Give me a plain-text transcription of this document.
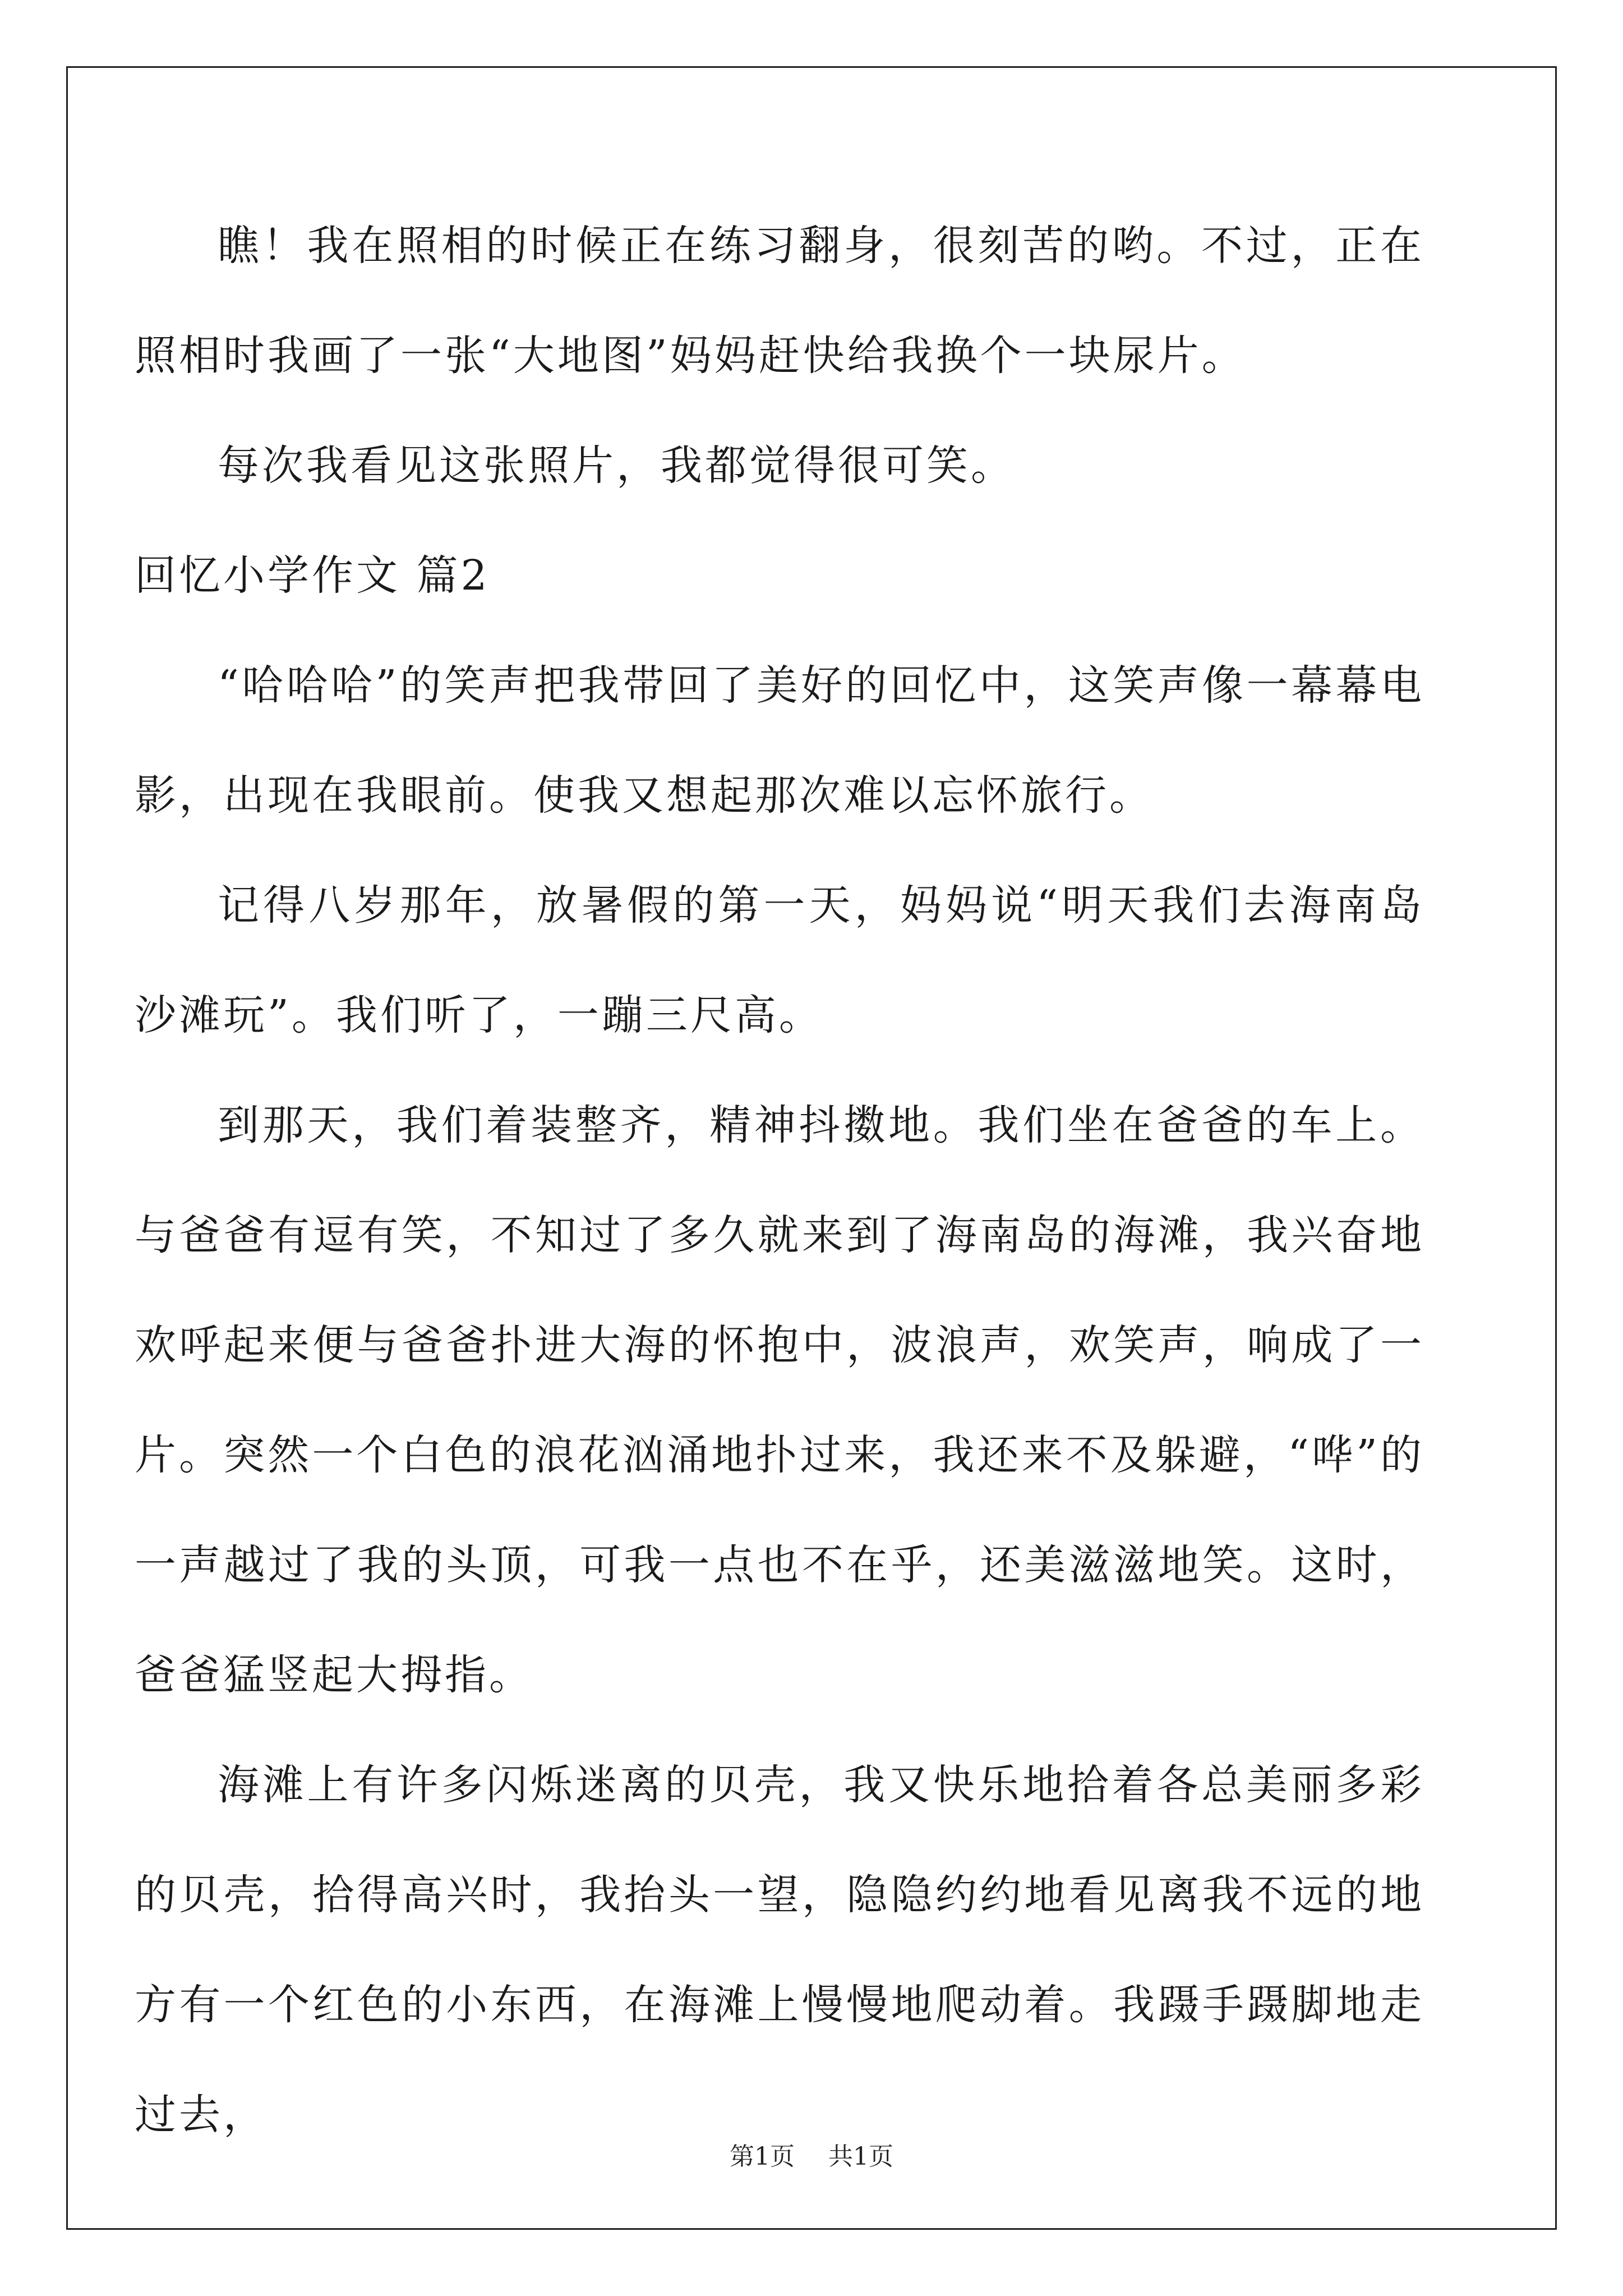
瞧！我在照相的时候正在练习翻身，很刻苦的哟。不过，正在照相时我画了一张“大地图”妈妈赶快给我换个一块尿片。

每次我看见这张照片，我都觉得很可笑。

回忆小学作文 篇2

“哈哈哈”的笑声把我带回了美好的回忆中，这笑声像一幕幕电影，出现在我眼前。使我又想起那次难以忘怀旅行。

记得八岁那年，放暑假的第一天，妈妈说“明天我们去海南岛沙滩玩”。我们听了，一蹦三尺高。

到那天，我们着装整齐，精神抖擞地。我们坐在爸爸的车上。与爸爸有逗有笑，不知过了多久就来到了海南岛的海滩，我兴奋地欢呼起来便与爸爸扑进大海的怀抱中，波浪声，欢笑声，响成了一片。突然一个白色的浪花汹涌地扑过来，我还来不及躲避，“哗”的一声越过了我的头顶，可我一点也不在乎，还美滋滋地笑。这时，爸爸猛竖起大拇指。

海滩上有许多闪烁迷离的贝壳，我又快乐地拾着各总美丽多彩的贝壳，拾得高兴时，我抬头一望，隐隐约约地看见离我不远的地方有一个红色的小东西，在海滩上慢慢地爬动着。我蹑手蹑脚地走过去，

第1页 共1页
